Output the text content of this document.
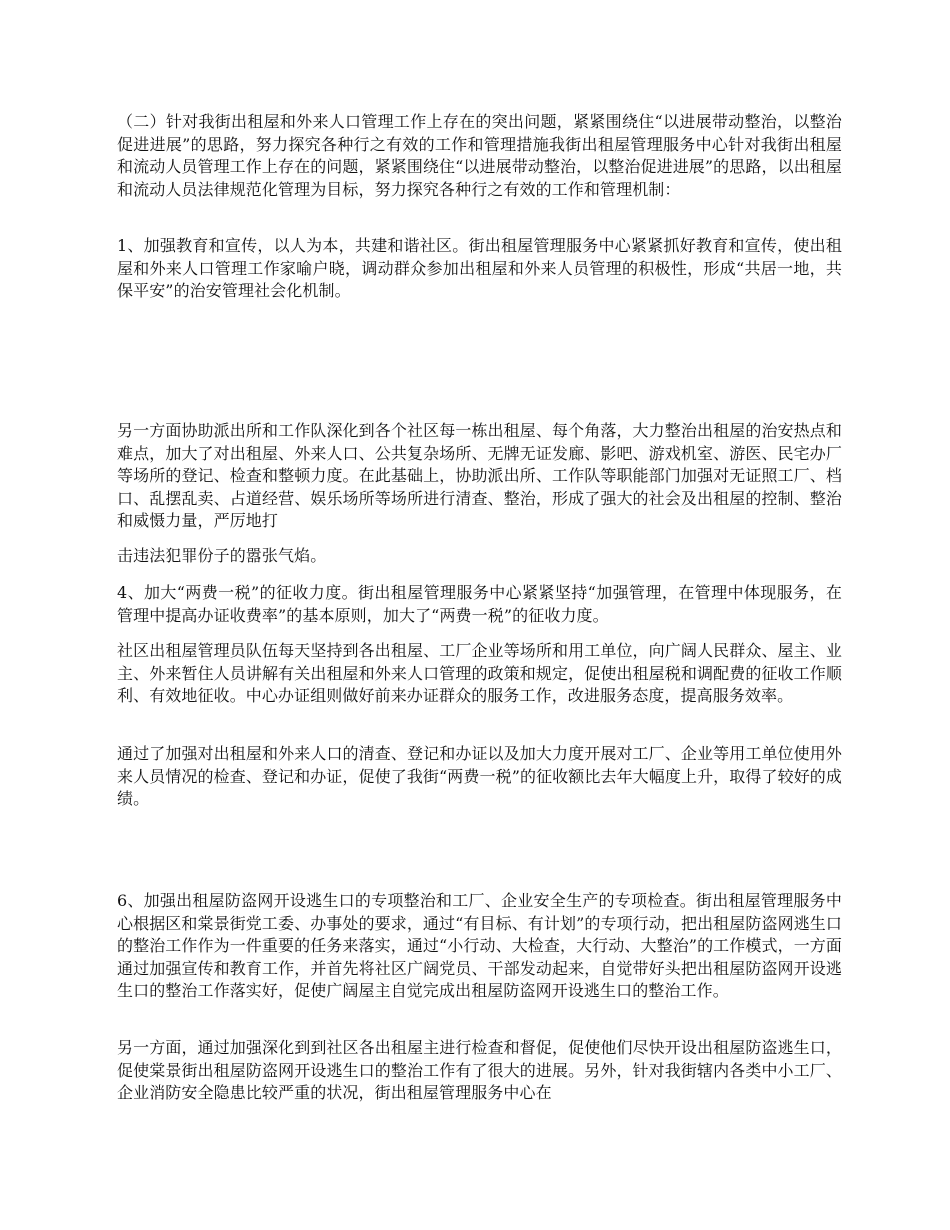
（二）针对我街出租屋和外来人口管理工作上存在的突出问题，紧紧围绕住“以进展带动整治，以整治促进进展”的思路，努力探究各种行之有效的工作和管理措施我街出租屋管理服务中心针对我街出租屋和流动人员管理工作上存在的问题，紧紧围绕住“以进展带动整治，以整治促进进展”的思路，以出租屋和流动人员法律规范化管理为目标，努力探究各种行之有效的工作和管理机制：

1、加强教育和宣传，以人为本，共建和谐社区。街出租屋管理服务中心紧紧抓好教育和宣传，使出租屋和外来人口管理工作家喻户晓，调动群众参加出租屋和外来人员管理的积极性，形成“共居一地，共保平安”的治安管理社会化机制。

另一方面协助派出所和工作队深化到各个社区每一栋出租屋、每个角落，大力整治出租屋的治安热点和难点，加大了对出租屋、外来人口、公共复杂场所、无牌无证发廊、影吧、游戏机室、游医、民宅办厂等场所的登记、检查和整顿力度。在此基础上，协助派出所、工作队等职能部门加强对无证照工厂、档口、乱摆乱卖、占道经营、娱乐场所等场所进行清查、整治，形成了强大的社会及出租屋的控制、整治和威慑力量，严厉地打

击违法犯罪份子的嚣张气焰。

4、加大“两费一税”的征收力度。街出租屋管理服务中心紧紧坚持“加强管理，在管理中体现服务，在管理中提高办证收费率”的基本原则，加大了“两费一税”的征收力度。

社区出租屋管理员队伍每天坚持到各出租屋、工厂企业等场所和用工单位，向广阔人民群众、屋主、业主、外来暂住人员讲解有关出租屋和外来人口管理的政策和规定，促使出租屋税和调配费的征收工作顺利、有效地征收。中心办证组则做好前来办证群众的服务工作，改进服务态度，提高服务效率。

通过了加强对出租屋和外来人口的清查、登记和办证以及加大力度开展对工厂、企业等用工单位使用外来人员情况的检查、登记和办证，促使了我街“两费一税”的征收额比去年大幅度上升，取得了较好的成绩。

6、加强出租屋防盗网开设逃生口的专项整治和工厂、企业安全生产的专项检查。街出租屋管理服务中心根据区和棠景街党工委、办事处的要求，通过“有目标、有计划”的专项行动，把出租屋防盗网逃生口的整治工作作为一件重要的任务来落实，通过“小行动、大检查，大行动、大整治”的工作模式，一方面通过加强宣传和教育工作，并首先将社区广阔党员、干部发动起来，自觉带好头把出租屋防盗网开设逃生口的整治工作落实好，促使广阔屋主自觉完成出租屋防盗网开设逃生口的整治工作。

另一方面，通过加强深化到到社区各出租屋主进行检查和督促，促使他们尽快开设出租屋防盗逃生口，促使棠景街出租屋防盗网开设逃生口的整治工作有了很大的进展。另外，针对我街辖内各类中小工厂、企业消防安全隐患比较严重的状况，街出租屋管理服务中心在
